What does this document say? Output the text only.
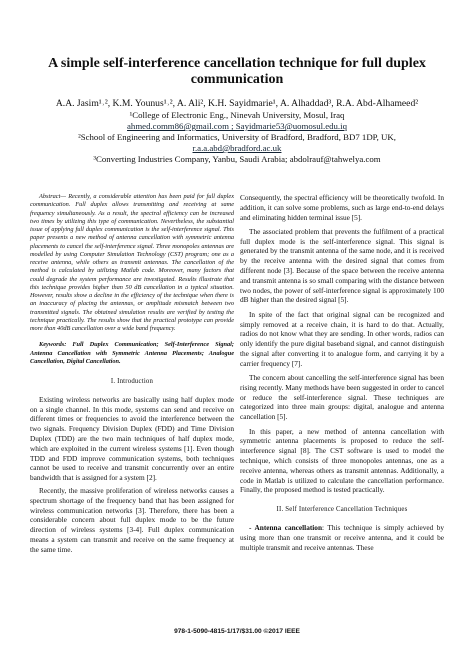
A simple self-interference cancellation technique for full duplex communication
A.A. Jasim¹˒², K.M. Younus¹˒², A. Ali², K.H. Sayidmarie¹, A. Alhaddad³, R.A. Abd-Alhameed²
¹College of Electronic Eng., Ninevah University, Mosul, Iraq
ahmed.comm86@gmail.com ; Sayidmarie53@uomosul.edu.iq
²School of Engineering and Informatics, University of Bradford, Bradford, BD7 1DP, UK,
r.a.a.abd@bradford.ac.uk
³Converting Industries Company, Yanbu, Saudi Arabia; abdolrauf@tahwelya.com

Abstract— Recently, a considerable attention has been paid for full duplex communication. Full duplex allows transmitting and receiving at same frequency simultaneously. As a result, the spectral efficiency can be increased two times by utilizing this type of communication. Nevertheless, the substantial issue of applying full duplex communication is the self-interference signal. This paper presents a new method of antenna cancellation with symmetric antenna placements to cancel the self-interference signal. Three monopoles antennas are modelled by using Computer Simulation Technology (CST) program; one as a receive antenna, while others as transmit antennas. The cancellation of the method is calculated by utilizing Matlab code. Moreover, many factors that could degrade the system performance are investigated. Results illustrate that this technique provides higher than 50 dB cancellation in a typical situation. However, results show a decline in the efficiency of the technique when there is an inaccuracy of placing the antennas, or amplitude mismatch between two transmitted signals. The obtained simulation results are verified by testing the technique practically. The results show that the practical prototype can provide more than 40dB cancellation over a wide band frequency.

Keywords: Full Duplex Communication; Self-Interference Signal; Antenna Cancellation with Symmetric Antenna Placements; Analogue Cancellation, Digital Cancellation.

I. Introduction

Existing wireless networks are basically using half duplex mode on a single channel. In this mode, systems can send and receive on different times or frequencies to avoid the interference between the two signals. Frequency Division Duplex (FDD) and Time Division Duplex (TDD) are the two main techniques of half duplex mode, which are exploited in the current wireless systems [1]. Even though TDD and FDD improve communication systems, both techniques cannot be used to receive and transmit concurrently over an entire bandwidth that is assigned for a system [2].

Recently, the massive proliferation of wireless networks causes a spectrum shortage of the frequency band that has been assigned for wireless communication networks [3]. Therefore, there has been a considerable concern about full duplex mode to be the future direction of wireless systems [3-4]. Full duplex communication means a system can transmit and receive on the same frequency at the same time.

Consequently, the spectral efficiency will be theoretically twofold. In addition, it can solve some problems, such as large end-to-end delays and eliminating hidden terminal issue [5].

The associated problem that prevents the fulfilment of a practical full duplex mode is the self-interference signal. This signal is generated by the transmit antenna of the same node, and it is received by the receive antenna with the desired signal that comes from different node [3]. Because of the space between the receive antenna and transmit antenna is so small comparing with the distance between two nodes, the power of self-interference signal is approximately 100 dB higher than the desired signal [5].

In spite of the fact that original signal can be recognized and simply removed at a receive chain, it is hard to do that. Actually, radios do not know what they are sending. In other words, radios can only identify the pure digital baseband signal, and cannot distinguish the signal after converting it to analogue form, and carrying it by a carrier frequency [7].

The concern about cancelling the self-interference signal has been rising recently. Many methods have been suggested in order to cancel or reduce the self-interference signal. These techniques are categorized into three main groups: digital, analogue and antenna cancellation [5].

In this paper, a new method of antenna cancellation with symmetric antenna placements is proposed to reduce the self-interference signal [8]. The CST software is used to model the technique, which consists of three monopoles antennas, one as a receive antenna, whereas others as transmit antennas. Additionally, a code in Matlab is utilized to calculate the cancellation performance. Finally, the proposed method is tested practically.

II. Self Interference Cancellation Techniques

- Antenna cancellation: This technique is simply achieved by using more than one transmit or receive antenna, and it could be multiple transmit and receive antennas. These

978-1-5090-4815-1/17/$31.00 ©2017 IEEE
